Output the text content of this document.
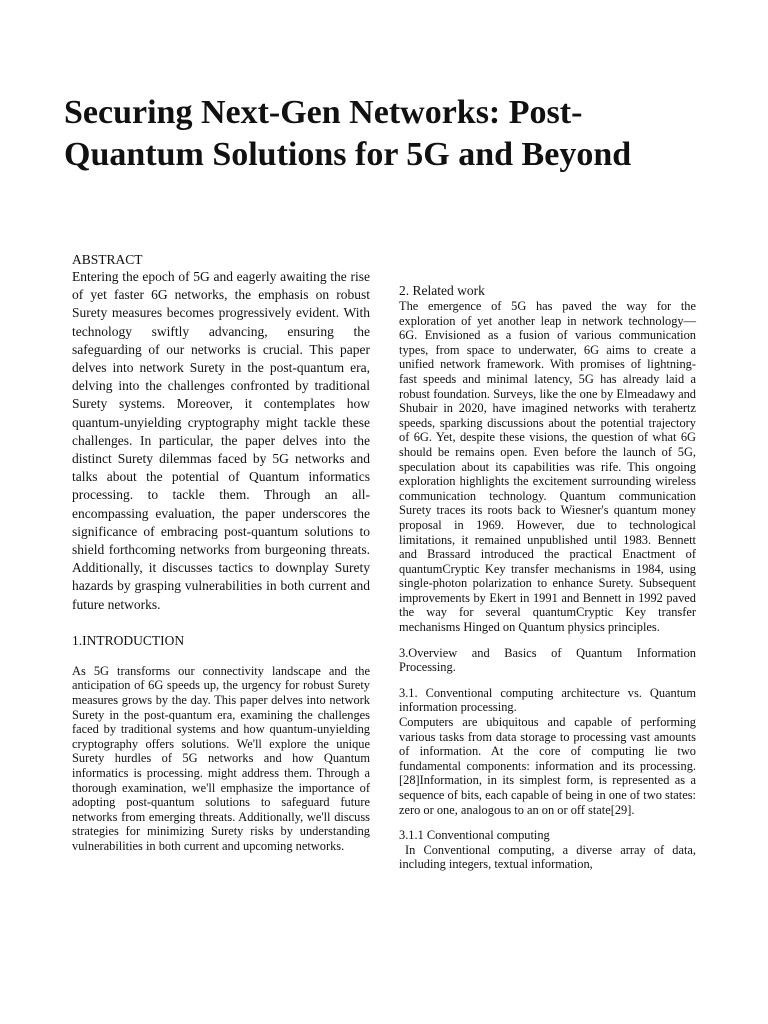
Securing Next-Gen Networks: Post-Quantum Solutions for 5G and Beyond

ABSTRACT

Entering the epoch of 5G and eagerly awaiting the rise of yet faster 6G networks, the emphasis on robust Surety measures becomes progressively evident. With technology swiftly advancing, ensuring the safeguarding of our networks is crucial. This paper delves into network Surety in the post-quantum era, delving into the challenges confronted by traditional Surety systems. Moreover, it contemplates how quantum-unyielding cryptography might tackle these challenges. In particular, the paper delves into the distinct Surety dilemmas faced by 5G networks and talks about the potential of Quantum informatics processing. to tackle them. Through an all-encompassing evaluation, the paper underscores the significance of embracing post-quantum solutions to shield forthcoming networks from burgeoning threats. Additionally, it discusses tactics to downplay Surety hazards by grasping vulnerabilities in both current and future networks.

1.INTRODUCTION

As 5G transforms our connectivity landscape and the anticipation of 6G speeds up, the urgency for robust Surety measures grows by the day. This paper delves into network Surety in the post-quantum era, examining the challenges faced by traditional systems and how quantum-unyielding cryptography offers solutions. We'll explore the unique Surety hurdles of 5G networks and how Quantum informatics is processing. might address them. Through a thorough examination, we'll emphasize the importance of adopting post-quantum solutions to safeguard future networks from emerging threats. Additionally, we'll discuss strategies for minimizing Surety risks by understanding vulnerabilities in both current and upcoming networks.

2. Related work

The emergence of 5G has paved the way for the exploration of yet another leap in network technology—6G. Envisioned as a fusion of various communication types, from space to underwater, 6G aims to create a unified network framework. With promises of lightning-fast speeds and minimal latency, 5G has already laid a robust foundation. Surveys, like the one by Elmeadawy and Shubair in 2020, have imagined networks with terahertz speeds, sparking discussions about the potential trajectory of 6G. Yet, despite these visions, the question of what 6G should be remains open. Even before the launch of 5G, speculation about its capabilities was rife. This ongoing exploration highlights the excitement surrounding wireless communication technology. Quantum communication Surety traces its roots back to Wiesner's quantum money proposal in 1969. However, due to technological limitations, it remained unpublished until 1983. Bennett and Brassard introduced the practical Enactment of quantumCryptic Key transfer mechanisms in 1984, using single-photon polarization to enhance Surety. Subsequent improvements by Ekert in 1991 and Bennett in 1992 paved the way for several quantumCryptic Key transfer mechanisms Hinged on Quantum physics principles.

3.Overview and Basics of Quantum Information Processing.

3.1. Conventional computing architecture vs. Quantum information processing.

Computers are ubiquitous and capable of performing various tasks from data storage to processing vast amounts of information. At the core of computing lie two fundamental components: information and its processing. [28]Information, in its simplest form, is represented as a sequence of bits, each capable of being in one of two states: zero or one, analogous to an on or off state[29].

3.1.1 Conventional computing

In Conventional computing, a diverse array of data, including integers, textual information,
